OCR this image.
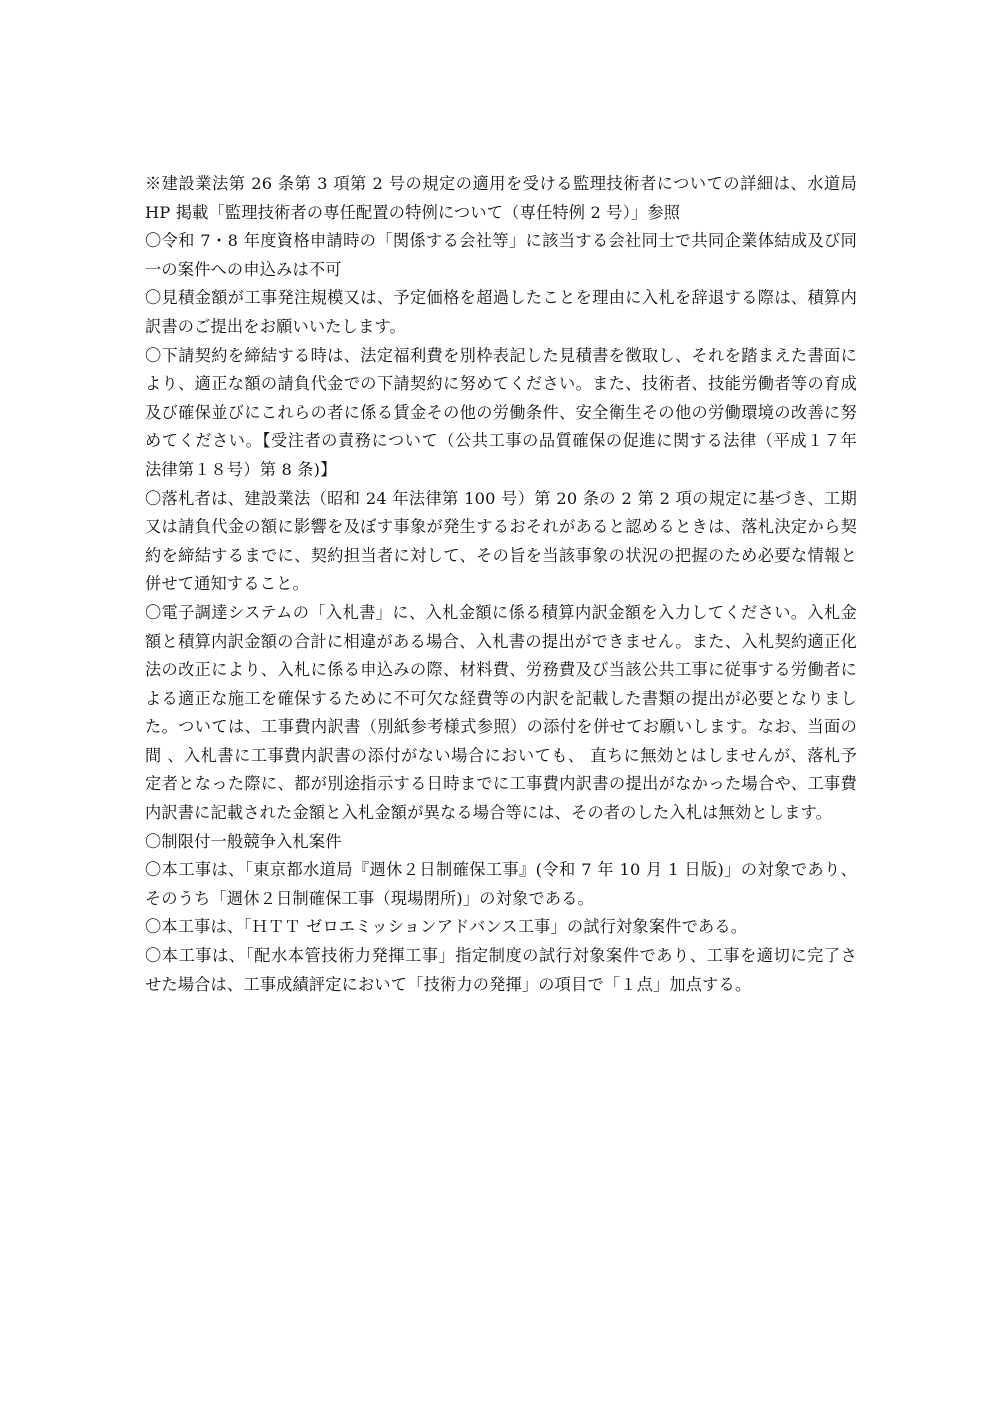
※建設業法第 26 条第 3 項第 2 号の規定の適用を受ける監理技術者についての詳細は、水道局 HP 掲載「監理技術者の専任配置の特例について（専任特例 2 号）」参照

〇令和 7・8 年度資格申請時の「関係する会社等」に該当する会社同士で共同企業体結成及び同一の案件への申込みは不可

〇見積金額が工事発注規模又は、予定価格を超過したことを理由に入札を辞退する際は、積算内訳書のご提出をお願いいたします。

〇下請契約を締結する時は、法定福利費を別枠表記した見積書を徴取し、それを踏まえた書面により、適正な額の請負代金での下請契約に努めてください。また、技術者、技能労働者等の育成及び確保並びにこれらの者に係る賃金その他の労働条件、安全衛生その他の労働環境の改善に努めてください。【受注者の責務について（公共工事の品質確保の促進に関する法律（平成１７年法律第１８号）第 8 条)】

〇落札者は、建設業法（昭和 24 年法律第 100 号）第 20 条の 2 第 2 項の規定に基づき、工期又は請負代金の額に影響を及ぼす事象が発生するおそれがあると認めるときは、落札決定から契約を締結するまでに、契約担当者に対して、その旨を当該事象の状況の把握のため必要な情報と併せて通知すること。

〇電子調達システムの「入札書」に、入札金額に係る積算内訳金額を入力してください。入札金額と積算内訳金額の合計に相違がある場合、入札書の提出ができません。また、入札契約適正化法の改正により、入札に係る申込みの際、材料費、労務費及び当該公共工事に従事する労働者による適正な施工を確保するために不可欠な経費等の内訳を記載した書類の提出が必要となりました。ついては、工事費内訳書（別紙参考様式参照）の添付を併せてお願いします。なお、当面の間 、入札書に工事費内訳書の添付がない場合においても、 直ちに無効とはしませんが、落札予定者となった際に、都が別途指示する日時までに工事費内訳書の提出がなかった場合や、工事費内訳書に記載された金額と入札金額が異なる場合等には、その者のした入札は無効とします。

〇制限付一般競争入札案件

〇本工事は、「東京都水道局『週休２日制確保工事』(令和 7 年 10 月 1 日版)」の対象であり、そのうち「週休２日制確保工事（現場閉所)」の対象である。

〇本工事は、「ＨＴＴ ゼロエミッションアドバンス工事」の試行対象案件である。

〇本工事は、「配水本管技術力発揮工事」指定制度の試行対象案件であり、工事を適切に完了させた場合は、工事成績評定において「技術力の発揮」の項目で「１点」加点する。
